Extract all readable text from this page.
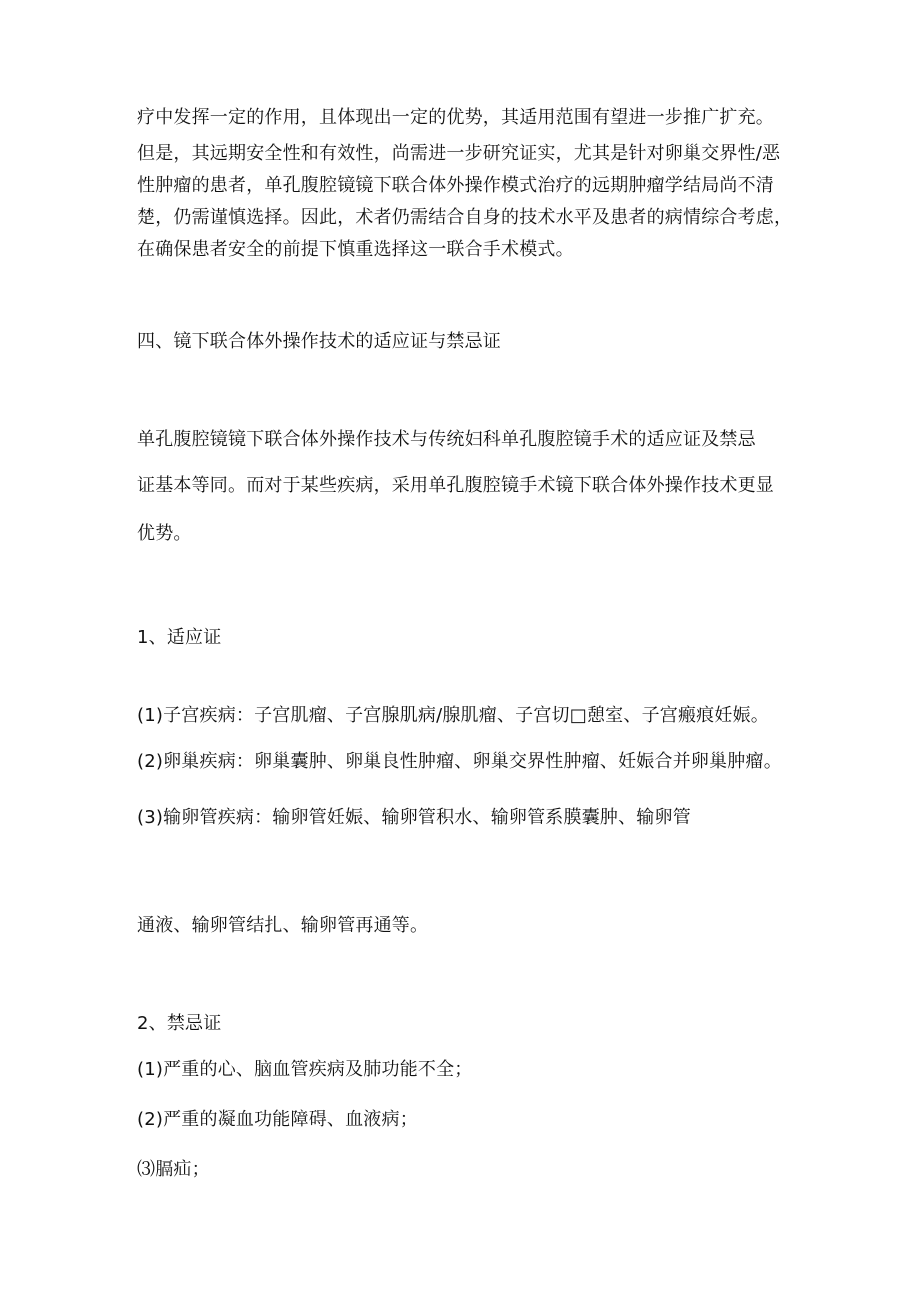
疗中发挥一定的作用，且体现出一定的优势，其适用范围有望进一步推广扩充。
但是，其远期安全性和有效性，尚需进一步研究证实，尤其是针对卵巢交界性/恶
性肿瘤的患者，单孔腹腔镜镜下联合体外操作模式治疗的远期肿瘤学结局尚不清
楚，仍需谨慎选择。因此，术者仍需结合自身的技术水平及患者的病情综合考虑，
在确保患者安全的前提下慎重选择这一联合手术模式。
四、镜下联合体外操作技术的适应证与禁忌证
单孔腹腔镜镜下联合体外操作技术与传统妇科单孔腹腔镜手术的适应证及禁忌
证基本等同。而对于某些疾病，采用单孔腹腔镜手术镜下联合体外操作技术更显
优势。
1、适应证
(1)子宫疾病：子宫肌瘤、子宫腺肌病/腺肌瘤、子宫切□憩室、子宫瘢痕妊娠。
(2)卵巢疾病：卵巢囊肿、卵巢良性肿瘤、卵巢交界性肿瘤、妊娠合并卵巢肿瘤。
(3)输卵管疾病：输卵管妊娠、输卵管积水、输卵管系膜囊肿、输卵管
通液、输卵管结扎、输卵管再通等。
2、禁忌证
(1)严重的心、脑血管疾病及肺功能不全；
(2)严重的凝血功能障碍、血液病；
⑶膈疝；
